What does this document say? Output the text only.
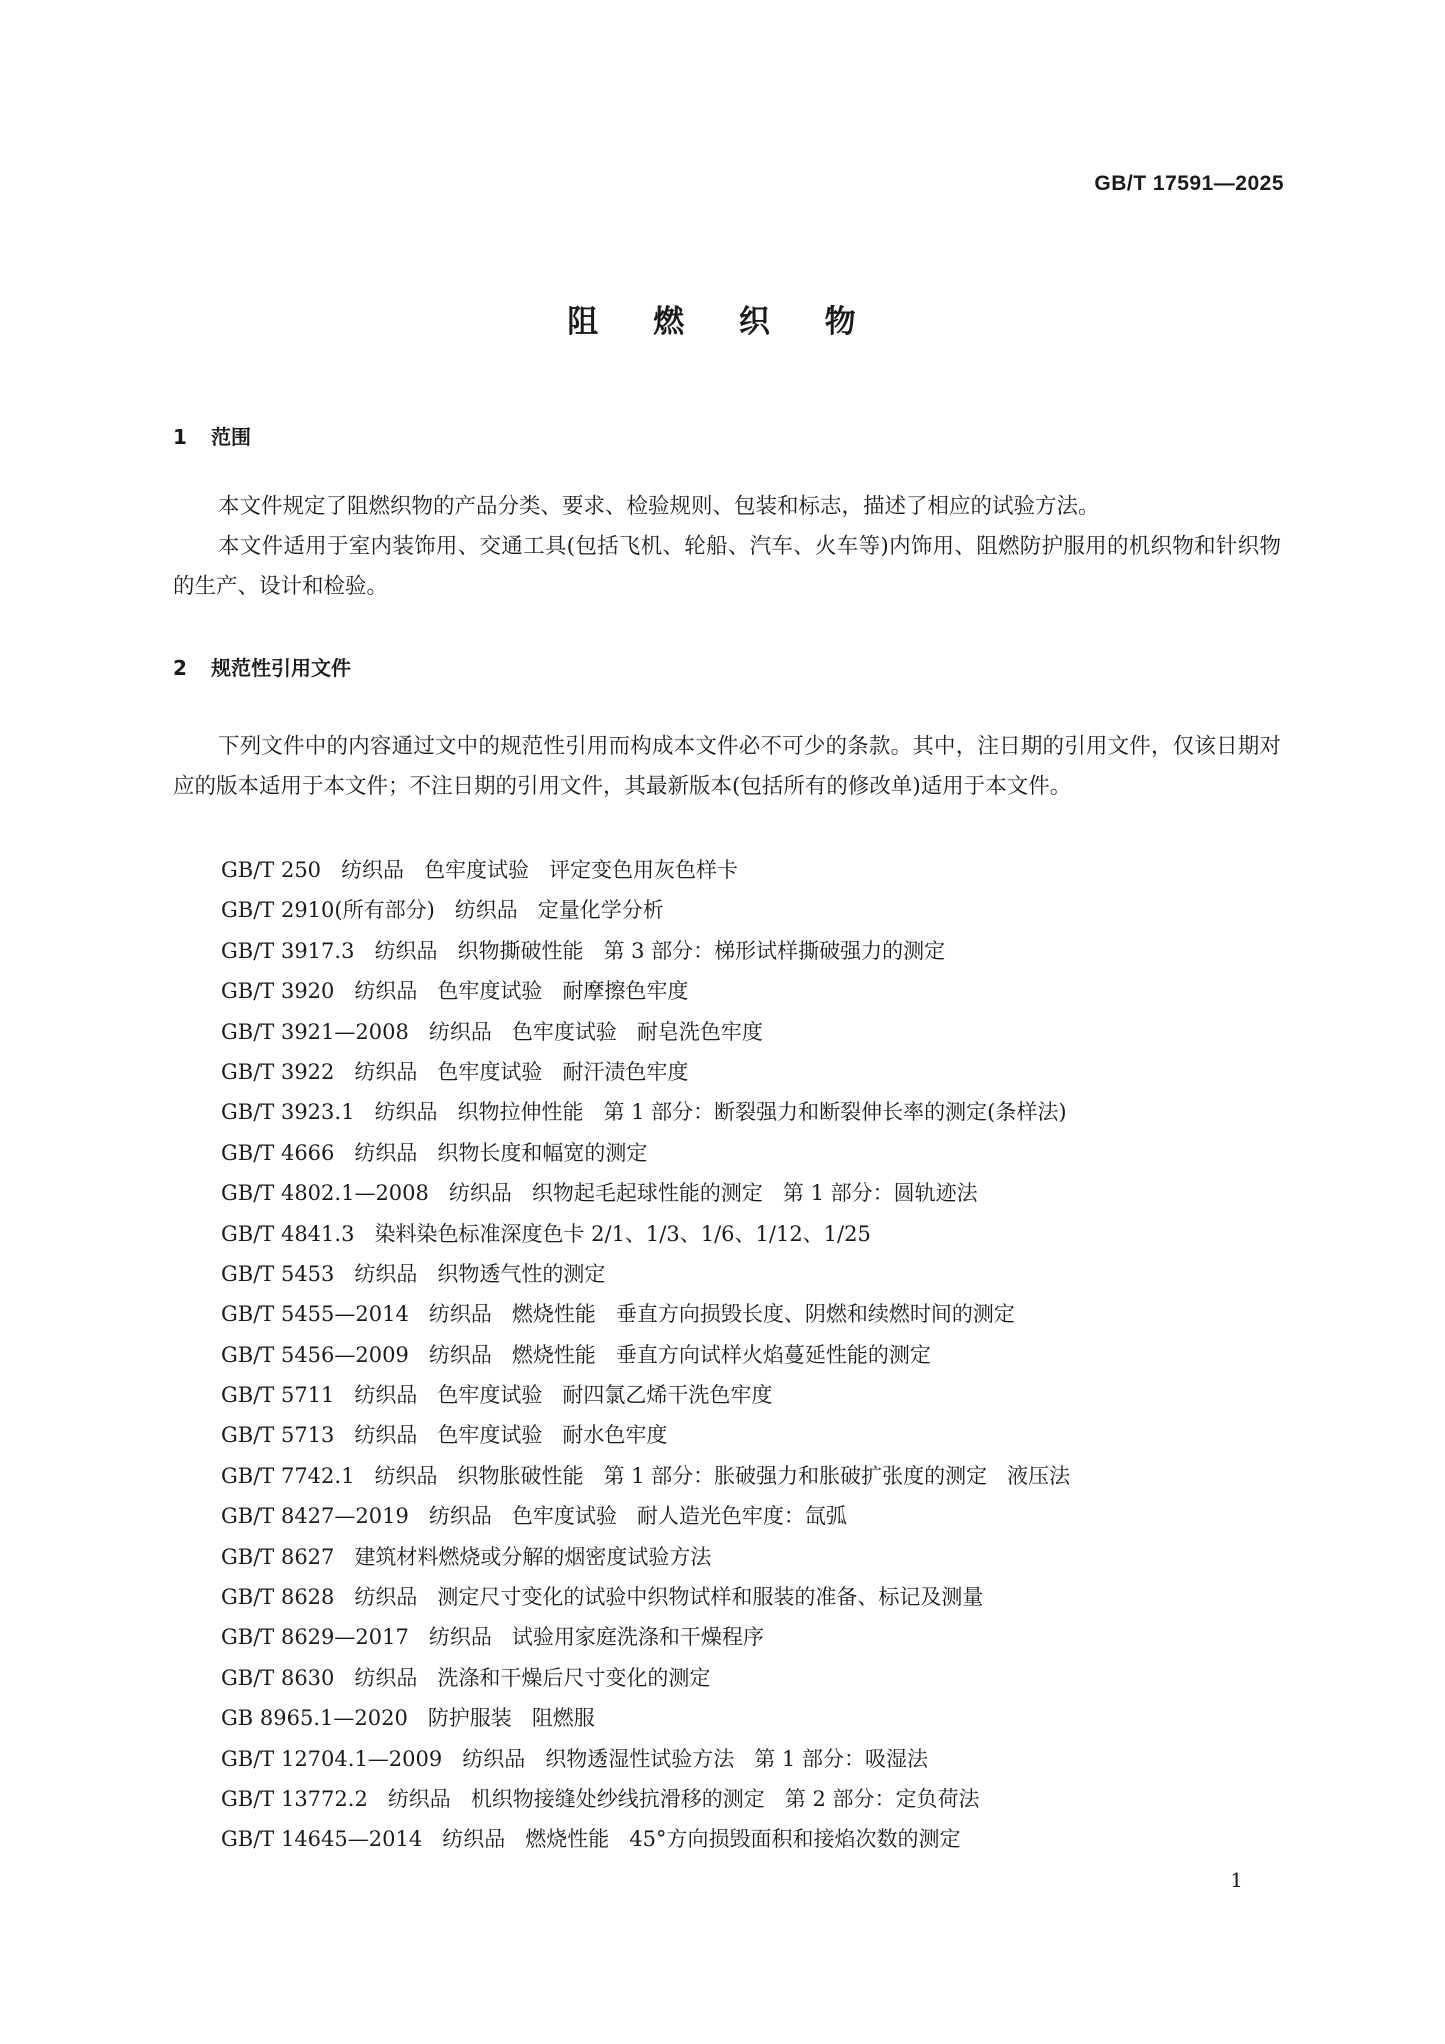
GB/T 17591—2025
阻 燃 织 物
1 范围

本文件规定了阻燃织物的产品分类、要求、检验规则、包装和标志，描述了相应的试验方法。

本文件适用于室内装饰用、交通工具(包括飞机、轮船、汽车、火车等)内饰用、阻燃防护服用的机织物和针织物的生产、设计和检验。

2 规范性引用文件

下列文件中的内容通过文中的规范性引用而构成本文件必不可少的条款。其中，注日期的引用文件，仅该日期对应的版本适用于本文件；不注日期的引用文件，其最新版本(包括所有的修改单)适用于本文件。

GB/T 250 纺织品 色牢度试验 评定变色用灰色样卡
GB/T 2910(所有部分) 纺织品 定量化学分析
GB/T 3917.3 纺织品 织物撕破性能 第 3 部分：梯形试样撕破强力的测定
GB/T 3920 纺织品 色牢度试验 耐摩擦色牢度
GB/T 3921—2008 纺织品 色牢度试验 耐皂洗色牢度
GB/T 3922 纺织品 色牢度试验 耐汗渍色牢度
GB/T 3923.1 纺织品 织物拉伸性能 第 1 部分：断裂强力和断裂伸长率的测定(条样法)
GB/T 4666 纺织品 织物长度和幅宽的测定
GB/T 4802.1—2008 纺织品 织物起毛起球性能的测定 第 1 部分：圆轨迹法
GB/T 4841.3 染料染色标准深度色卡 2/1、1/3、1/6、1/12、1/25
GB/T 5453 纺织品 织物透气性的测定
GB/T 5455—2014 纺织品 燃烧性能 垂直方向损毁长度、阴燃和续燃时间的测定
GB/T 5456—2009 纺织品 燃烧性能 垂直方向试样火焰蔓延性能的测定
GB/T 5711 纺织品 色牢度试验 耐四氯乙烯干洗色牢度
GB/T 5713 纺织品 色牢度试验 耐水色牢度
GB/T 7742.1 纺织品 织物胀破性能 第 1 部分：胀破强力和胀破扩张度的测定 液压法
GB/T 8427—2019 纺织品 色牢度试验 耐人造光色牢度：氙弧
GB/T 8627 建筑材料燃烧或分解的烟密度试验方法
GB/T 8628 纺织品 测定尺寸变化的试验中织物试样和服装的准备、标记及测量
GB/T 8629—2017 纺织品 试验用家庭洗涤和干燥程序
GB/T 8630 纺织品 洗涤和干燥后尺寸变化的测定
GB 8965.1—2020 防护服装 阻燃服
GB/T 12704.1—2009 纺织品 织物透湿性试验方法 第 1 部分：吸湿法
GB/T 13772.2 纺织品 机织物接缝处纱线抗滑移的测定 第 2 部分：定负荷法
GB/T 14645—2014 纺织品 燃烧性能 45°方向损毁面积和接焰次数的测定
1
